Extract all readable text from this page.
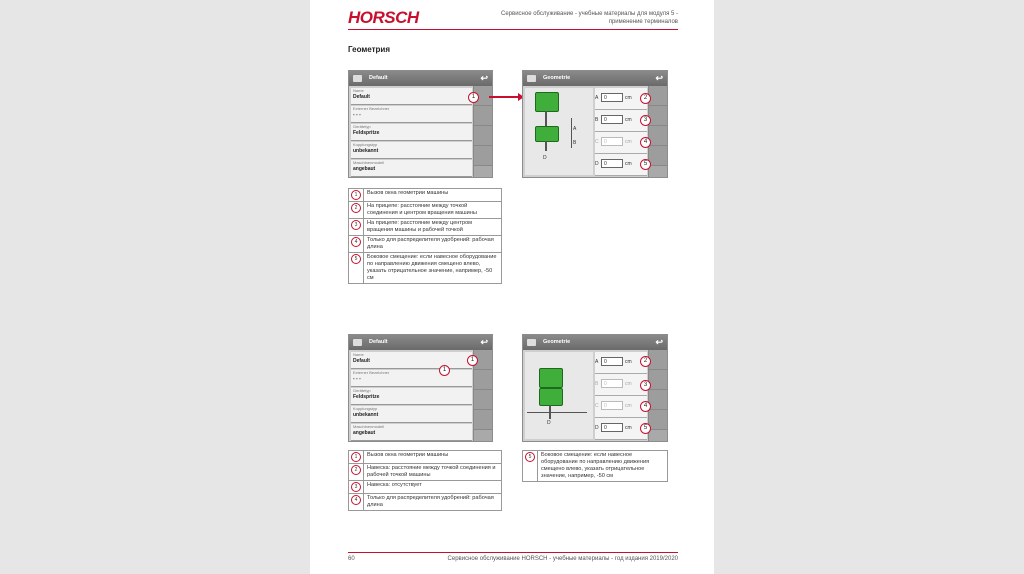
HORSCH	Сервисное обслуживание - учебные материалы для модуля 5 - применение терминалов
Геометрия
Default	↩
Name
Default
Externer Bezeichner
- - -
Gerätetyp
Feldspritze
Kupplungstyp
unbekannt
Maschinenmodell
angebaut
1
Geometrie	↩
A
B
D
A	0	cm
B	0	cm
C	0	cm
D	0	cm
2
3
4
5
1	Вызов окна геометрии машины
2	На прицепе: расстояние между точкой соединения и центром вращения машины
3	На прицепе: расстояние между центром вращения машины и рабочей точкой
4	Только для распределителя удобрений: рабочая длина
5	Боковое смещение: если навесное оборудование по направлению движения смещено влево, указать отрицательное значение, например, -50 см
Default	↩
Name
Default
Externer Bezeichner
- - -
Gerätetyp
Feldspritze
Kupplungstyp
unbekannt
Maschinenmodell
angebaut
1
1
Geometrie	↩
D
A	0	cm
B	0	cm
C	0	cm
D	0	cm
2
3
4
5
1	Вызов окна геометрии машины
2	Навеска: расстояние между точкой соединения и рабочей точкой машины
3	Навеска: отсутствует
4	Только для распределителя удобрений: рабочая длина
5	Боковое смещение: если навесное оборудование по направлению движения смещено влево, указать отрицательное значение, например, -50 см
60	Сервисное обслуживание HORSCH - учебные материалы - год издания 2019/2020
